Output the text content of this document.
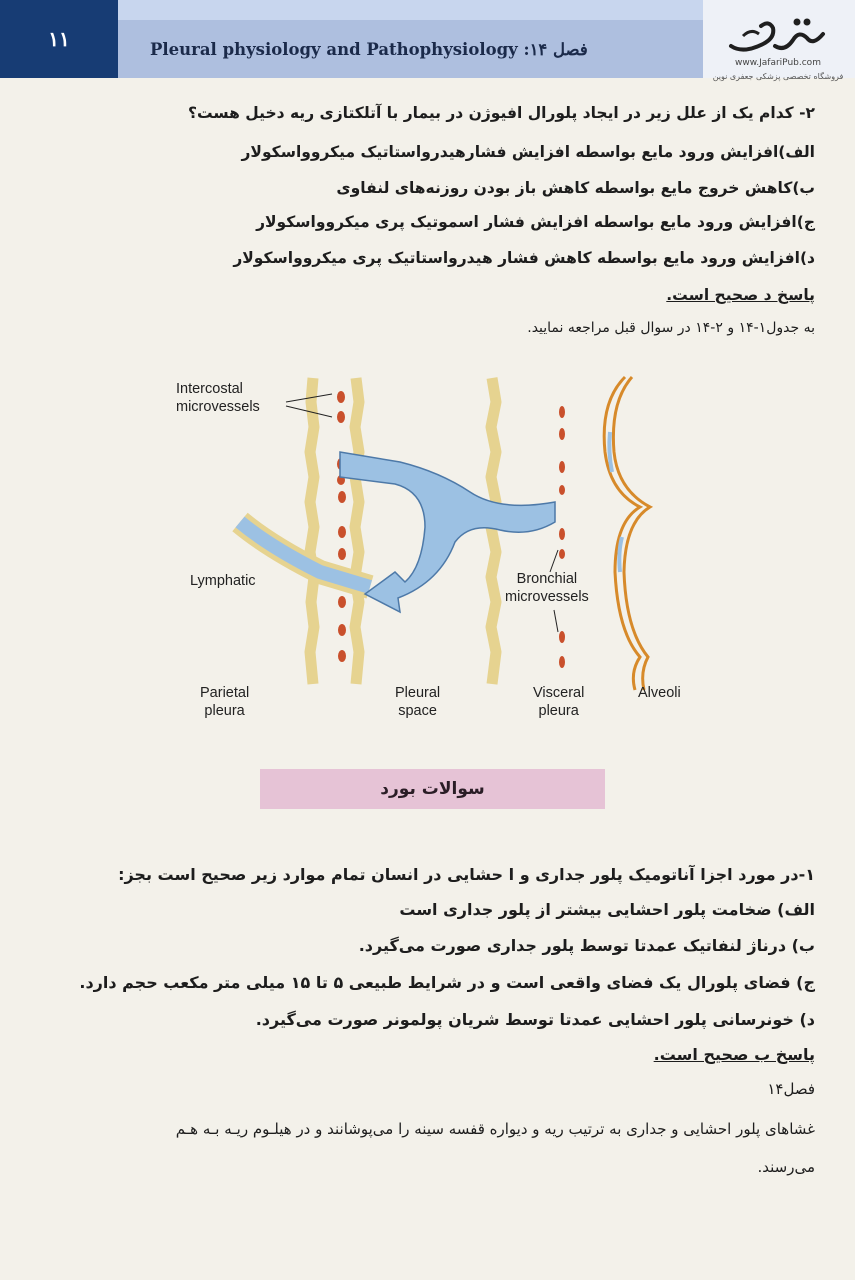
۱۱	Pleural physiology and Pathophysiology :فصل ۱۴
www.JafariPub.com
فروشگاه تخصصی پزشکی جعفری نوین
۲- کدام یک از علل زیر در ایجاد پلورال افیوژن در بیمار با آتلکتازی ریه دخیل هست؟
الف)افزایش ورود مایع بواسطه افزایش فشارهیدرواستاتیک میکروواسکولار
ب)کاهش خروج مایع بواسطه کاهش باز بودن روزنه‌های لنفاوی
ج)افزایش ورود مایع بواسطه افزایش فشار اسموتیک پری میکروواسکولار
د)افزایش ورود مایع بواسطه کاهش فشار هیدرواستاتیک پری میکروواسکولار
پاسخ د صحیح است.
به جدول۱-۱۴ و ۲-۱۴ در سوال قبل مراجعه نمایید.
Intercostal
microvessels
Lymphatic	Bronchial
microvessels
Parietal
pleura
Pleural
space
Visceral
pleura
Alveoli
سوالات بورد
۱-در مورد اجزا آناتومیک پلور جداری و ا حشایی در انسان تمام موارد زیر صحیح است بجز:
الف) ضخامت پلور احشایی بیشتر از پلور جداری است
ب) درناژ لنفاتیک عمدتا توسط پلور جداری صورت می‌گیرد.
ج) فضای پلورال یک فضای واقعی است و در شرایط طبیعی ۵ تا ۱۵ میلی متر مکعب حجم دارد.
د) خونرسانی پلور احشایی عمدتا توسط شریان پولمونر صورت می‌گیرد.
پاسخ ب صحیح است.
فصل۱۴
غشاهای پلور احشایی و جداری به ترتیب ریه و دیواره قفسه سینه را می‌پوشانند و در هیلـوم ریـه بـه هـم
می‌رسند.
